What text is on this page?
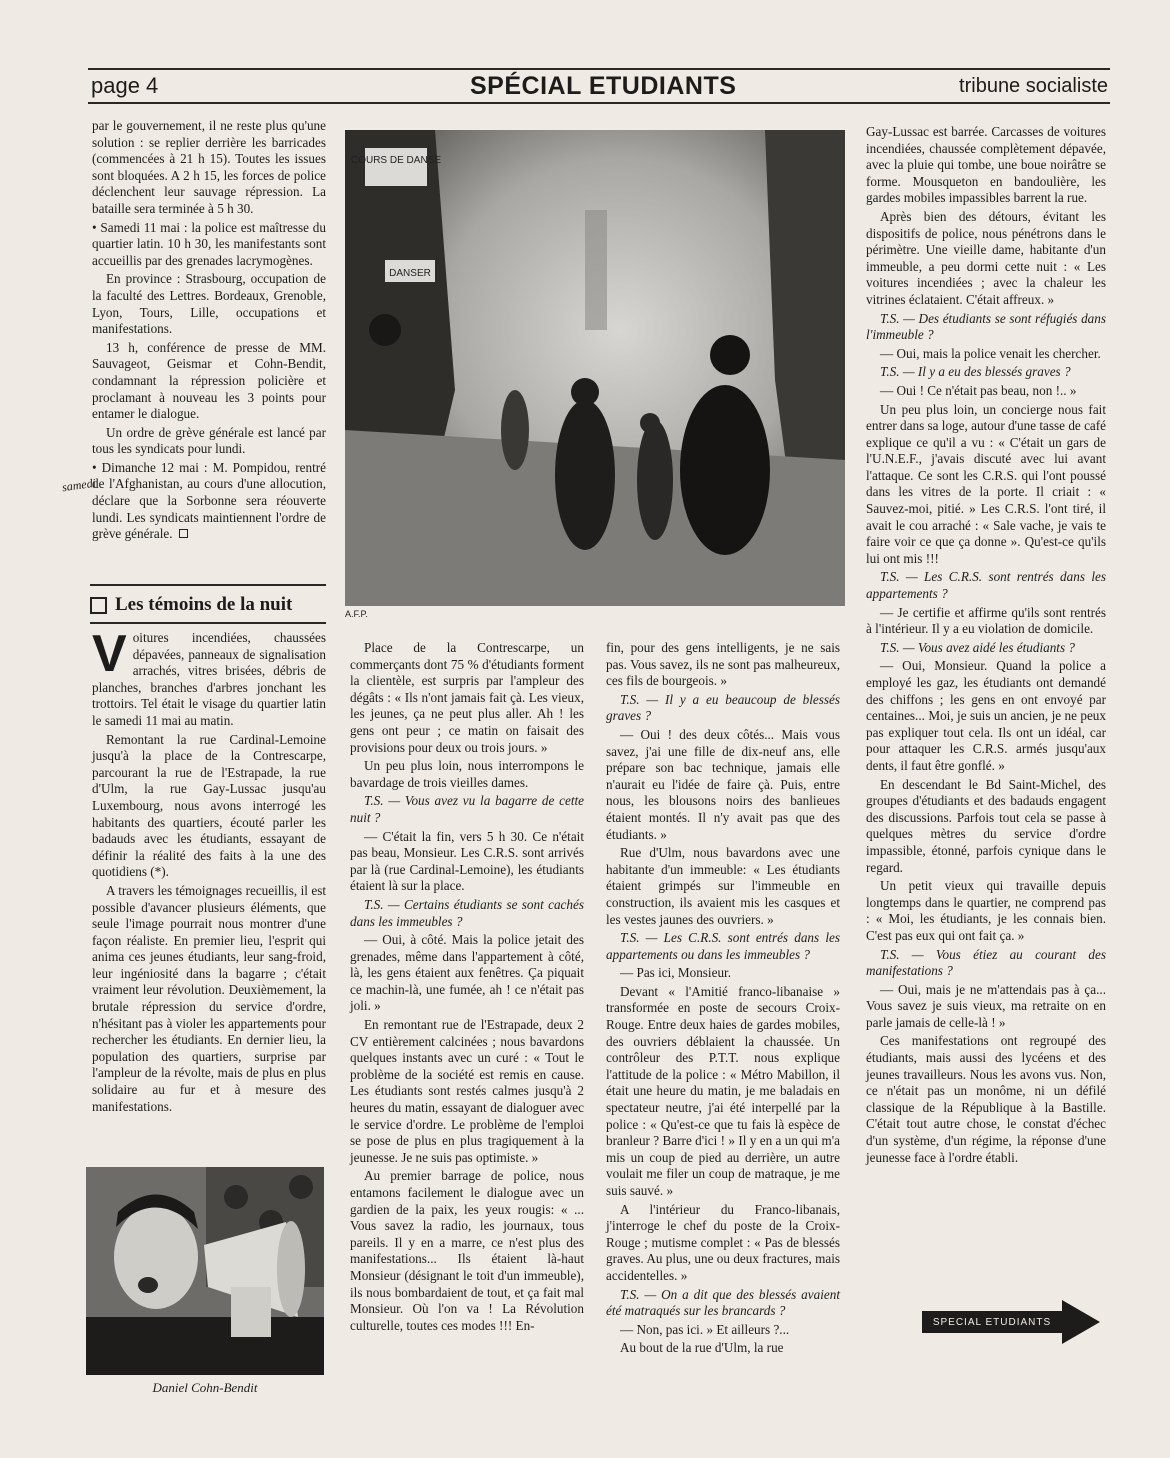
page 4	SPÉCIAL ETUDIANTS	tribune socialiste

par le gouvernement, il ne reste plus qu'une solution : se replier derrière les barricades (commencées à 21 h 15). Toutes les issues sont bloquées. A 2 h 15, les forces de police déclenchent leur sauvage répression. La bataille sera terminée à 5 h 30.

• Samedi 11 mai : la police est maîtresse du quartier latin. 10 h 30, les manifestants sont accueillis par des grenades lacrymogènes.

En province : Strasbourg, occupation de la faculté des Lettres. Bordeaux, Grenoble, Lyon, Tours, Lille, occupations et manifestations.

13 h, conférence de presse de MM. Sauvageot, Geismar et Cohn-Bendit, condamnant la répression policière et proclamant à nouveau les 3 points pour entamer le dialogue.

Un ordre de grève générale est lancé par tous les syndicats pour lundi.

• Dimanche 12 mai : M. Pompidou, rentré de l'Afghanistan, au cours d'une allocution, déclare que la Sorbonne sera réouverte lundi. Les syndicats maintiennent l'ordre de grève générale.

samedi
Les témoins de la nuit

Voitures incendiées, chaussées dépavées, panneaux de signalisation arrachés, vitres brisées, débris de planches, branches d'arbres jonchant les trottoirs. Tel était le visage du quartier latin le samedi 11 mai au matin.

Remontant la rue Cardinal-Lemoine jusqu'à la place de la Contrescarpe, parcourant la rue de l'Estrapade, la rue d'Ulm, la rue Gay-Lussac jusqu'au Luxembourg, nous avons interrogé les habitants des quartiers, écouté parler les badauds avec les étudiants, essayant de définir la réalité des faits à la une des quotidiens (*).

A travers les témoignages recueillis, il est possible d'avancer plusieurs éléments, que seule l'image pourrait nous montrer d'une façon réaliste. En premier lieu, l'esprit qui anima ces jeunes étudiants, leur sang-froid, leur ingéniosité dans la bagarre ; c'était vraiment leur révolution. Deuxièmement, la brutale répression du service d'ordre, n'hésitant pas à violer les appartements pour rechercher les étudiants. En dernier lieu, la population des quartiers, surprise par l'ampleur de la révolte, mais de plus en plus solidaire au fur et à mesure des manifestations.

COURS DE DANSE
DANSER
A.F.P.

Place de la Contrescarpe, un commerçants dont 75 % d'étudiants forment la clientèle, est surpris par l'ampleur des dégâts : « Ils n'ont jamais fait çà. Les vieux, les jeunes, ça ne peut plus aller. Ah ! les gens ont peur ; ce matin on faisait des provisions pour deux ou trois jours. »

Un peu plus loin, nous interrompons le bavardage de trois vieilles dames.

T.S. — Vous avez vu la bagarre de cette nuit ?

— C'était la fin, vers 5 h 30. Ce n'était pas beau, Monsieur. Les C.R.S. sont arrivés par là (rue Cardinal-Lemoine), les étudiants étaient là sur la place.

T.S. — Certains étudiants se sont cachés dans les immeubles ?

— Oui, à côté. Mais la police jetait des grenades, même dans l'appartement à côté, là, les gens étaient aux fenêtres. Ça piquait ce machin-là, une fumée, ah ! ce n'était pas joli. »

En remontant rue de l'Estrapade, deux 2 CV entièrement calcinées ; nous bavardons quelques instants avec un curé : « Tout le problème de la société est remis en cause. Les étudiants sont restés calmes jusqu'à 2 heures du matin, essayant de dialoguer avec le service d'ordre. Le problème de l'emploi se pose de plus en plus tragiquement à la jeunesse. Je ne suis pas optimiste. »

Au premier barrage de police, nous entamons facilement le dialogue avec un gardien de la paix, les yeux rougis: « ... Vous savez la radio, les journaux, tous pareils. Il y en a marre, ce n'est plus des manifestations... Ils étaient là-haut Monsieur (désignant le toit d'un immeuble), ils nous bombardaient de tout, et ça fait mal Monsieur. Où l'on va ! La Révolution culturelle, toutes ces modes !!! En-

fin, pour des gens intelligents, je ne sais pas. Vous savez, ils ne sont pas malheureux, ces fils de bourgeois. »

T.S. — Il y a eu beaucoup de blessés graves ?

— Oui ! des deux côtés... Mais vous savez, j'ai une fille de dix-neuf ans, elle prépare son bac technique, jamais elle n'aurait eu l'idée de faire çà. Puis, entre nous, les blousons noirs des banlieues étaient montés. Il n'y avait pas que des étudiants. »

Rue d'Ulm, nous bavardons avec une habitante d'un immeuble: « Les étudiants étaient grimpés sur l'immeuble en construction, ils avaient mis les casques et les vestes jaunes des ouvriers. »

T.S. — Les C.R.S. sont entrés dans les appartements ou dans les immeubles ?

— Pas ici, Monsieur.

Devant « l'Amitié franco-libanaise » transformée en poste de secours Croix-Rouge. Entre deux haies de gardes mobiles, des ouvriers déblaient la chaussée. Un contrôleur des P.T.T. nous explique l'attitude de la police : « Métro Mabillon, il était une heure du matin, je me baladais en spectateur neutre, j'ai été interpellé par la police : « Qu'est-ce que tu fais là espèce de branleur ? Barre d'ici ! » Il y en a un qui m'a mis un coup de pied au derrière, un autre voulait me filer un coup de matraque, je me suis sauvé. »

A l'intérieur du Franco-libanais, j'interroge le chef du poste de la Croix-Rouge ; mutisme complet : « Pas de blessés graves. Au plus, une ou deux fractures, mais accidentelles. »

T.S. — On a dit que des blessés avaient été matraqués sur les brancards ?

— Non, pas ici. » Et ailleurs ?...

Au bout de la rue d'Ulm, la rue

Gay-Lussac est barrée. Carcasses de voitures incendiées, chaussée complètement dépavée, avec la pluie qui tombe, une boue noirâtre se forme. Mousqueton en bandoulière, les gardes mobiles impassibles barrent la rue.

Après bien des détours, évitant les dispositifs de police, nous pénétrons dans le périmètre. Une vieille dame, habitante d'un immeuble, a peu dormi cette nuit : « Les voitures incendiées ; avec la chaleur les vitrines éclataient. C'était affreux. »

T.S. — Des étudiants se sont réfugiés dans l'immeuble ?

— Oui, mais la police venait les chercher.

T.S. — Il y a eu des blessés graves ?

— Oui ! Ce n'était pas beau, non !.. »

Un peu plus loin, un concierge nous fait entrer dans sa loge, autour d'une tasse de café explique ce qu'il a vu : « C'était un gars de l'U.N.E.F., j'avais discuté avec lui avant l'attaque. Ce sont les C.R.S. qui l'ont poussé dans les vitres de la porte. Il criait : « Sauvez-moi, pitié. » Les C.R.S. l'ont tiré, il avait le cou arraché : « Sale vache, je vais te faire voir ce que ça donne ». Qu'est-ce qu'ils lui ont mis !!!

T.S. — Les C.R.S. sont rentrés dans les appartements ?

— Je certifie et affirme qu'ils sont rentrés à l'intérieur. Il y a eu violation de domicile.

T.S. — Vous avez aidé les étudiants ?

— Oui, Monsieur. Quand la police a employé les gaz, les étudiants ont demandé des chiffons ; les gens en ont envoyé par centaines... Moi, je suis un ancien, je ne peux pas expliquer tout cela. Ils ont un idéal, car pour attaquer les C.R.S. armés jusqu'aux dents, il faut être gonflé. »

En descendant le Bd Saint-Michel, des groupes d'étudiants et des badauds engagent des discussions. Parfois tout cela se passe à quelques mètres du service d'ordre impassible, étonné, parfois cynique dans le regard.

Un petit vieux qui travaille depuis longtemps dans le quartier, ne comprend pas : « Moi, les étudiants, je les connais bien. C'est pas eux qui ont fait ça. »

T.S. — Vous étiez au courant des manifestations ?

— Oui, mais je ne m'attendais pas à ça... Vous savez je suis vieux, ma retraite on en parle jamais de celle-là ! »

Ces manifestations ont regroupé des étudiants, mais aussi des lycéens et des jeunes travailleurs. Nous les avons vus. Non, ce n'était pas un monôme, ni un défilé classique de la République à la Bastille. C'était tout autre chose, le constat d'échec d'un système, d'un régime, la réponse d'une jeunesse face à l'ordre établi.

Daniel Cohn-Bendit
SPECIAL ETUDIANTS
